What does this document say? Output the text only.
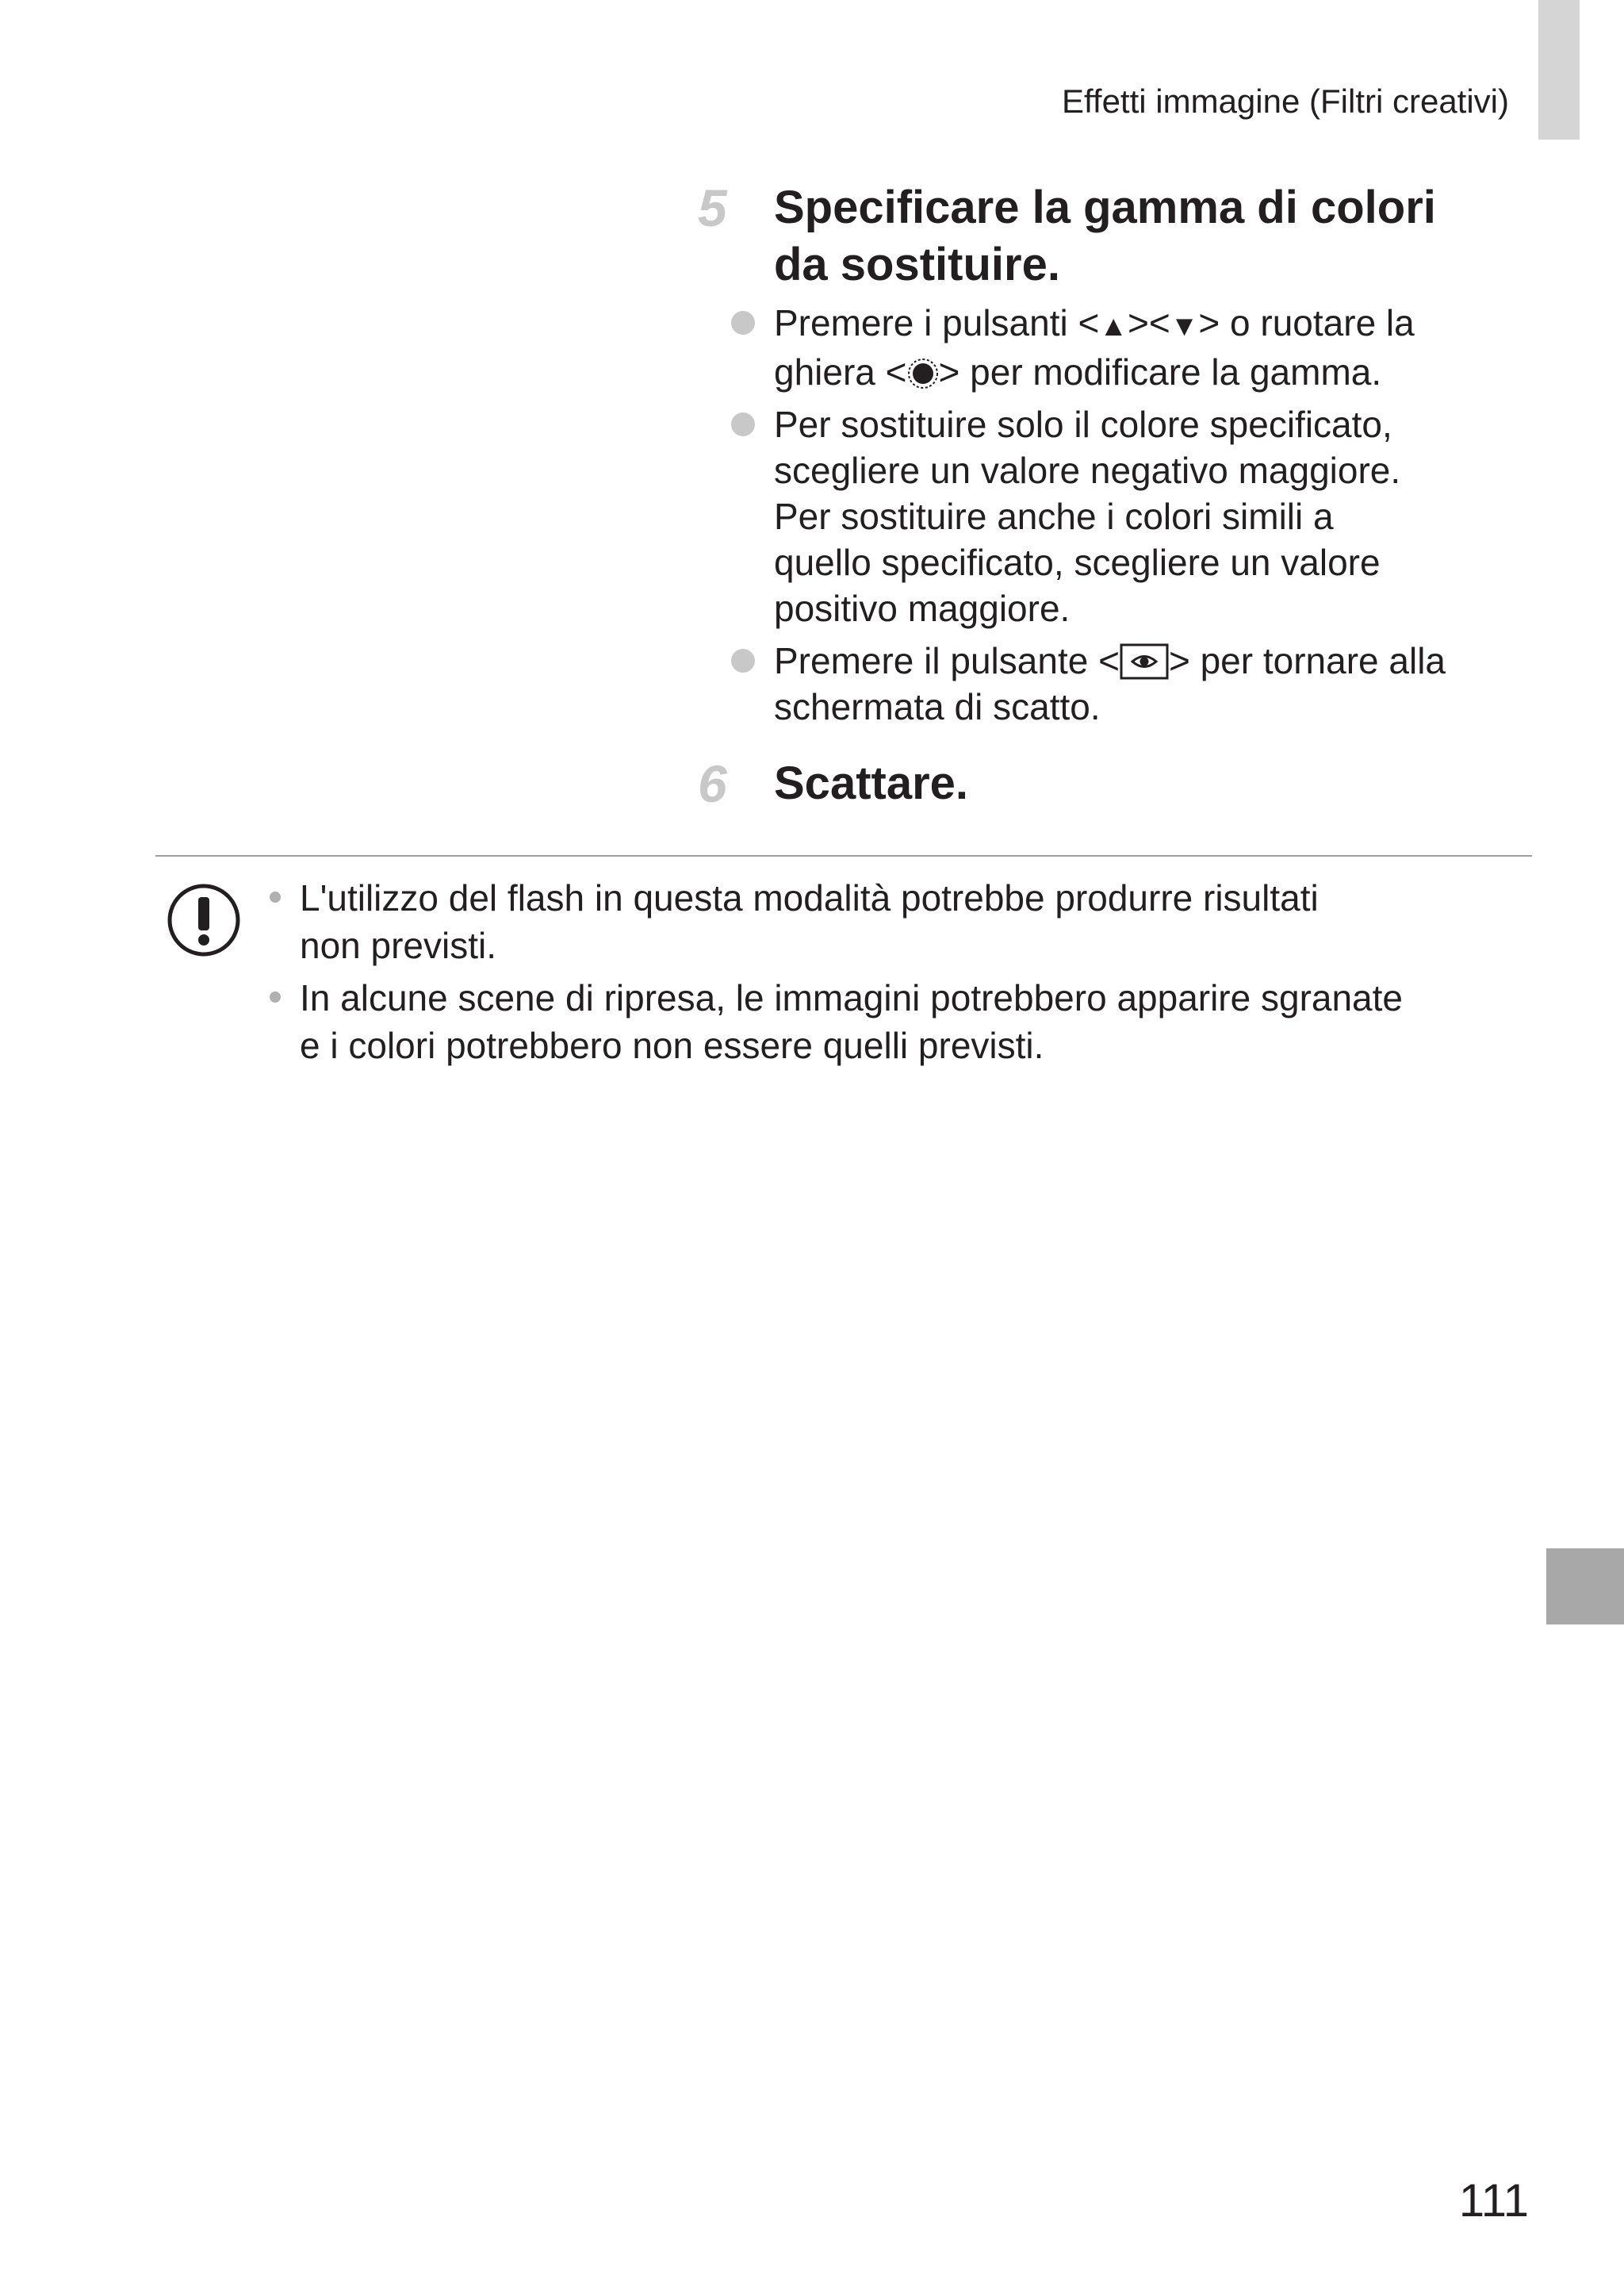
Effetti immagine (Filtri creativi)
5 Specificare la gamma di colori
da sostituire.
Premere i pulsanti <▲><▼> o ruotare la
ghiera < > per modificare la gamma.
Per sostituire solo il colore specificato,
scegliere un valore negativo maggiore.
Per sostituire anche i colori simili a
quello specificato, scegliere un valore
positivo maggiore.
Premere il pulsante < > per tornare alla
schermata di scatto.
6 Scattare.
L'utilizzo del flash in questa modalità potrebbe produrre risultati
non previsti.
In alcune scene di ripresa, le immagini potrebbero apparire sgranate
e i colori potrebbero non essere quelli previsti.
111
